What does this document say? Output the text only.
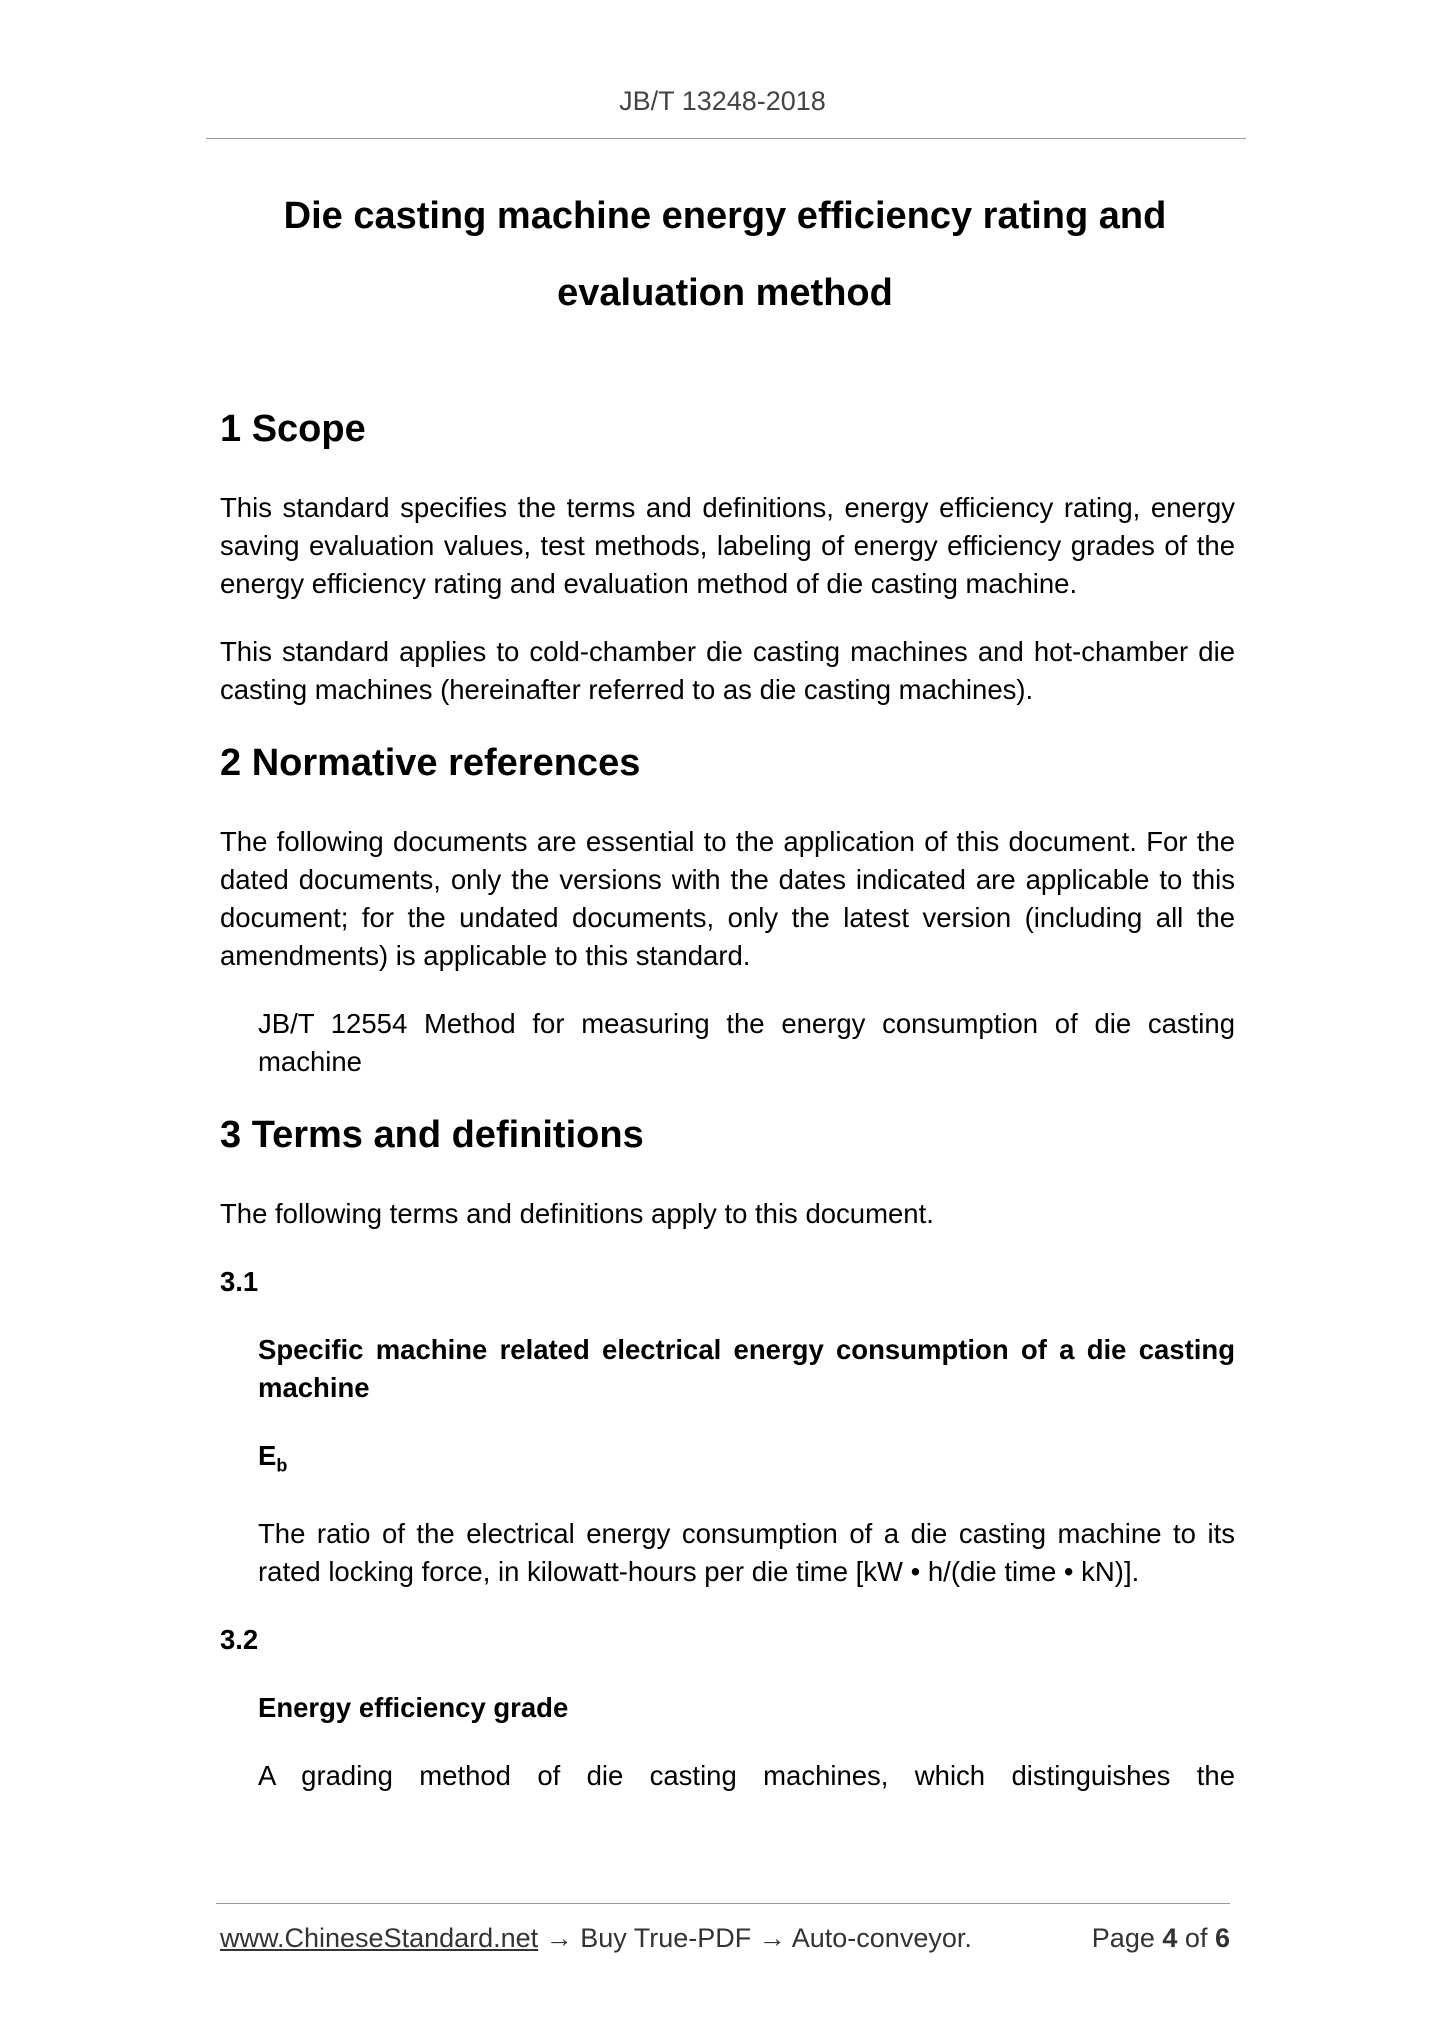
JB/T 13248-2018
Die casting machine energy efficiency rating and
evaluation method
1 Scope
This standard specifies the terms and definitions, energy efficiency rating, energy saving evaluation values, test methods, labeling of energy efficiency grades of the energy efficiency rating and evaluation method of die casting machine.
This standard applies to cold-chamber die casting machines and hot-chamber die casting machines (hereinafter referred to as die casting machines).
2 Normative references
The following documents are essential to the application of this document. For the dated documents, only the versions with the dates indicated are applicable to this document; for the undated documents, only the latest version (including all the amendments) is applicable to this standard.
JB/T 12554 Method for measuring the energy consumption of die casting machine
3 Terms and definitions
The following terms and definitions apply to this document.
3.1
Specific machine related electrical energy consumption of a die casting machine
$E_b$
The ratio of the electrical energy consumption of a die casting machine to its rated locking force, in kilowatt-hours per die time [kW • h/(die time • kN)].
3.2
Energy efficiency grade
A grading method of die casting machines, which distinguishes the
www.ChineseStandard.net → Buy True-PDF → Auto-conveyor.	Page 4 of 6
